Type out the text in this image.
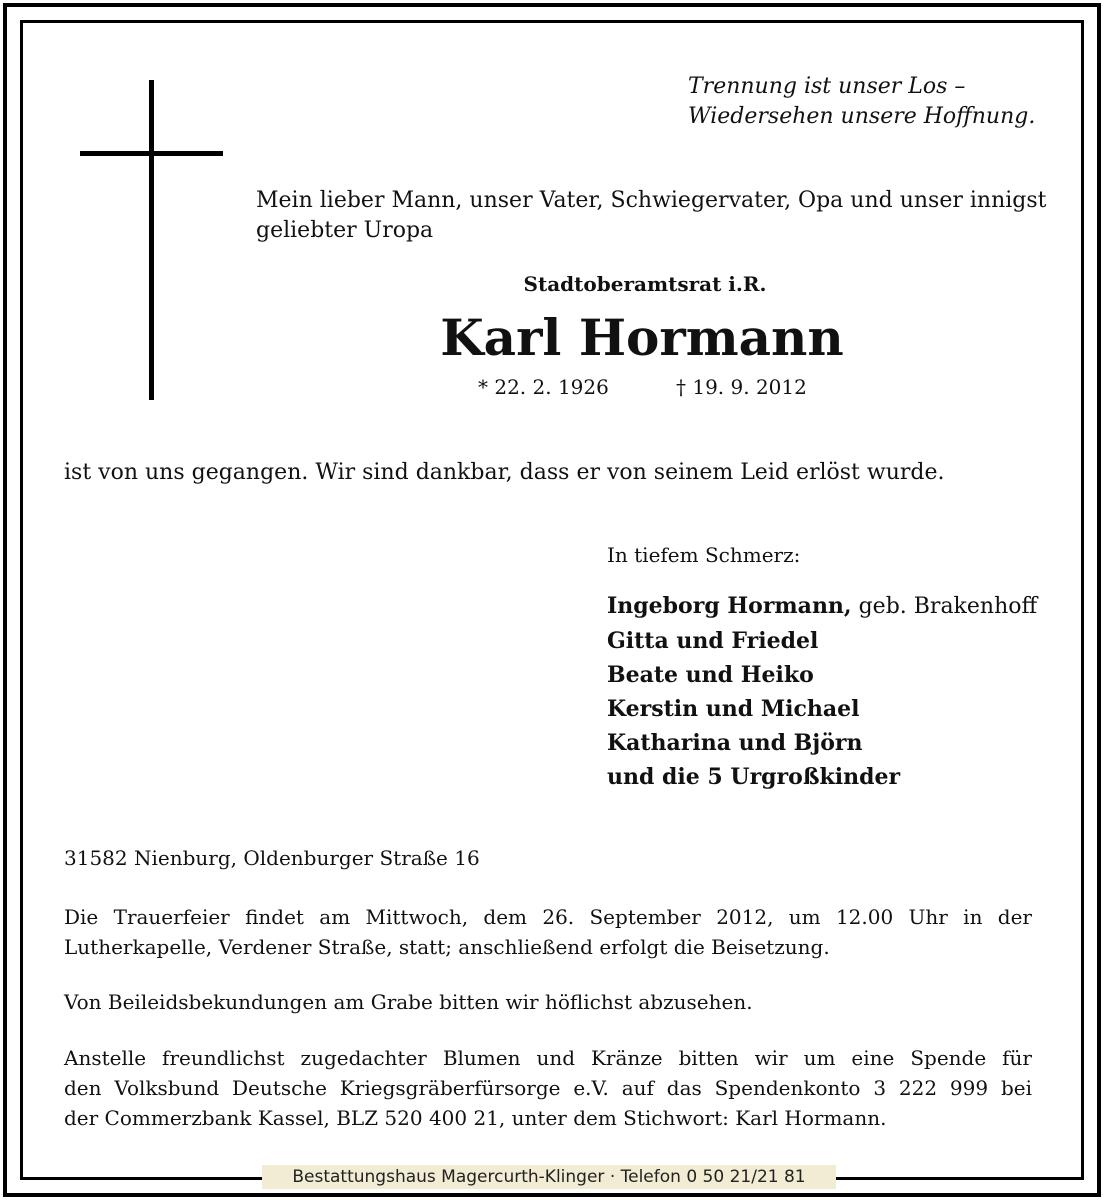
Trennung ist unser Los –
Wiedersehen unsere Hoffnung.
Mein lieber Mann, unser Vater, Schwiegervater, Opa und unser innigst
geliebter Uropa
Stadtoberamtsrat i.R.
Karl Hormann
* 22. 2. 1926	† 19. 9. 2012
ist von uns gegangen. Wir sind dankbar, dass er von seinem Leid erlöst wurde.
In tiefem Schmerz:
Ingeborg Hormann, geb. Brakenhoff
Gitta und Friedel
Beate und Heiko
Kerstin und Michael
Katharina und Björn
und die 5 Urgroßkinder
31582 Nienburg, Oldenburger Straße 16
Die Trauerfeier findet am Mittwoch, dem 26. September 2012, um 12.00 Uhr in der
Lutherkapelle, Verdener Straße, statt; anschließend erfolgt die Beisetzung.
Von Beileidsbekundungen am Grabe bitten wir höflichst abzusehen.
Anstelle freundlichst zugedachter Blumen und Kränze bitten wir um eine Spende für
den Volksbund Deutsche Kriegsgräberfürsorge e.V. auf das Spendenkonto 3 222 999 bei
der Commerzbank Kassel, BLZ 520 400 21, unter dem Stichwort: Karl Hormann.
Bestattungshaus Magercurth-Klinger · Telefon 0 50 21/21 81
